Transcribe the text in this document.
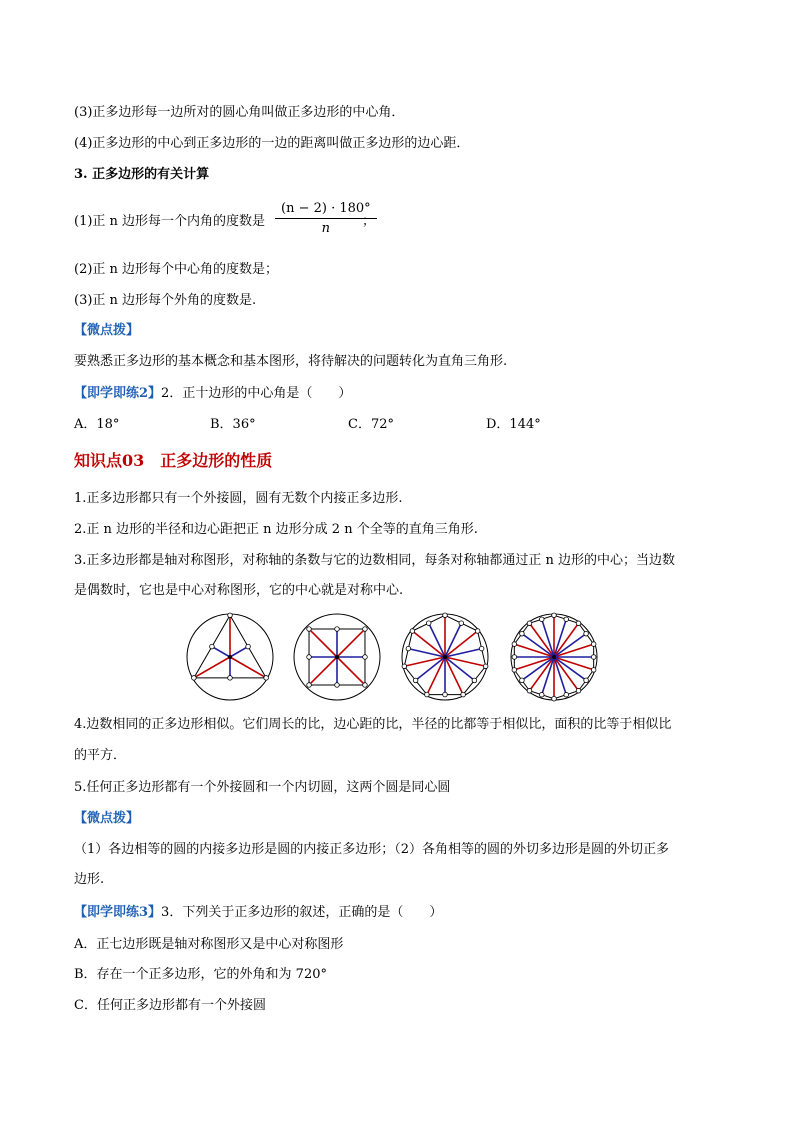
(3)正多边形每一边所对的圆心角叫做正多边形的中心角．
(4)正多边形的中心到正多边形的一边的距离叫做正多边形的边心距．
3. 正多边形的有关计算
(1)正 n 边形每一个内角的度数是 $\frac{(n - 2) \cdot 180^\circ}{n}$
；
(2)正 n 边形每个中心角的度数是；
(3)正 n 边形每个外角的度数是.
【微点拨】
要熟悉正多边形的基本概念和基本图形，将待解决的问题转化为直角三角形.
【即学即练2】2．正十边形的中心角是（　　）
A．18°	B．36°	C．72°	D．144°
知识点03　正多边形的性质
1.正多边形都只有一个外接圆，圆有无数个内接正多边形.
2.正 n 边形的半径和边心距把正 n 边形分成 2 n 个全等的直角三角形.
3.正多边形都是轴对称图形，对称轴的条数与它的边数相同，每条对称轴都通过正 n 边形的中心；当边数
是偶数时，它也是中心对称图形，它的中心就是对称中心.
4.边数相同的正多边形相似。它们周长的比，边心距的比，半径的比都等于相似比，面积的比等于相似比
的平方．
5.任何正多边形都有一个外接圆和一个内切圆，这两个圆是同心圆
【微点拨】
（1）各边相等的圆的内接多边形是圆的内接正多边形；（2）各角相等的圆的外切多边形是圆的外切正多
边形.
【即学即练3】3．下列关于正多边形的叙述，正确的是（　　）
A．正七边形既是轴对称图形又是中心对称图形
B．存在一个正多边形，它的外角和为 720°
C．任何正多边形都有一个外接圆
